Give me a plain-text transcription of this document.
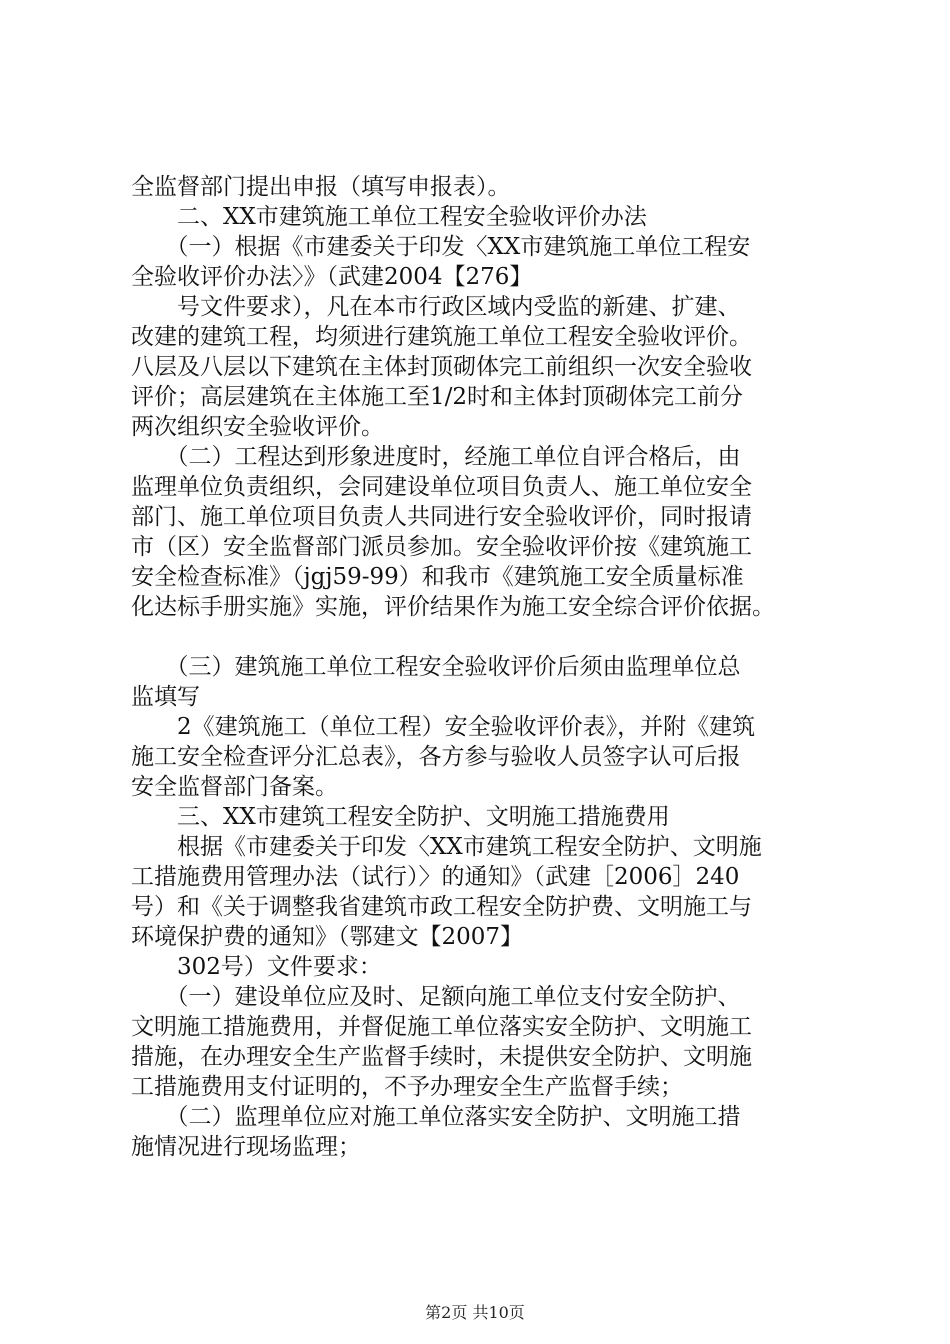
全监督部门提出申报（填写申报表）。
　　二、XX市建筑施工单位工程安全验收评价办法
　　（一）根据《市建委关于印发〈XX市建筑施工单位工程安
全验收评价办法〉》（武建2004【276】
　　号文件要求），凡在本市行政区域内受监的新建、扩建、
改建的建筑工程，均须进行建筑施工单位工程安全验收评价。
八层及八层以下建筑在主体封顶砌体完工前组织一次安全验收
评价；高层建筑在主体施工至1/2时和主体封顶砌体完工前分
两次组织安全验收评价。
　　（二）工程达到形象进度时，经施工单位自评合格后，由
监理单位负责组织，会同建设单位项目负责人、施工单位安全
部门、施工单位项目负责人共同进行安全验收评价，同时报请
市（区）安全监督部门派员参加。安全验收评价按《建筑施工
安全检查标准》（jgj59-99）和我市《建筑施工安全质量标准
化达标手册实施》实施，评价结果作为施工安全综合评价依据。
　　（三）建筑施工单位工程安全验收评价后须由监理单位总
监填写
　　2《建筑施工（单位工程）安全验收评价表》，并附《建筑
施工安全检查评分汇总表》，各方参与验收人员签字认可后报
安全监督部门备案。
　　三、XX市建筑工程安全防护、文明施工措施费用
　　根据《市建委关于印发〈XX市建筑工程安全防护、文明施
工措施费用管理办法（试行）〉的通知》（武建［2006］240
号）和《关于调整我省建筑市政工程安全防护费、文明施工与
环境保护费的通知》（鄂建文【2007】
　　302号）文件要求：
　　（一）建设单位应及时、足额向施工单位支付安全防护、
文明施工措施费用，并督促施工单位落实安全防护、文明施工
措施，在办理安全生产监督手续时，未提供安全防护、文明施
工措施费用支付证明的，不予办理安全生产监督手续；
　　（二）监理单位应对施工单位落实安全防护、文明施工措
施情况进行现场监理；
第2页 共10页
